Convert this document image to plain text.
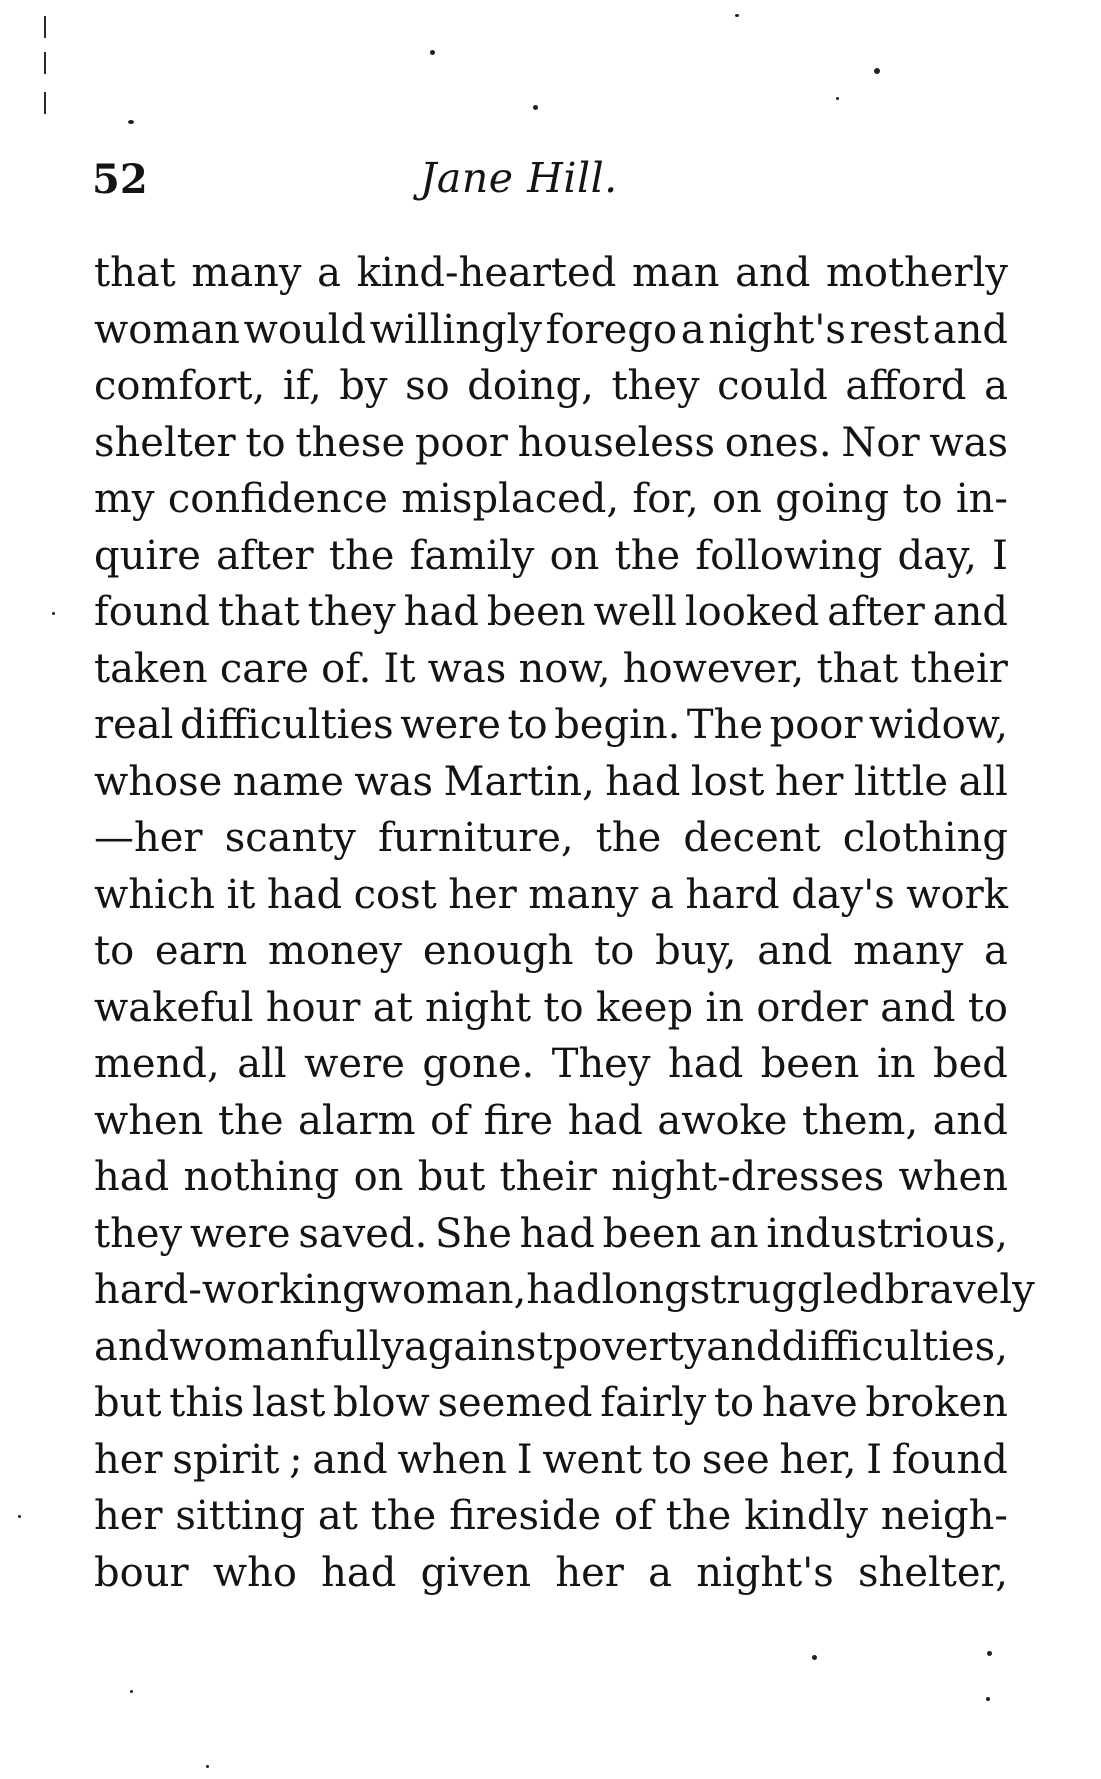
52	Jane Hill.
that many a kind-hearted man and motherly
woman would willingly forego a night's rest and
comfort, if, by so doing, they could afford a
shelter to these poor houseless ones. Nor was
my confidence misplaced, for, on going to in-
quire after the family on the following day, I
found that they had been well looked after and
taken care of. It was now, however, that their
real difficulties were to begin. The poor widow,
whose name was Martin, had lost her little all
—her scanty furniture, the decent clothing
which it had cost her many a hard day's work
to earn money enough to buy, and many a
wakeful hour at night to keep in order and to
mend, all were gone. They had been in bed
when the alarm of fire had awoke them, and
had nothing on but their night-dresses when
they were saved. She had been an industrious,
hard-working woman, had long struggled bravely
and womanfully against poverty and difficulties,
but this last blow seemed fairly to have broken
her spirit ; and when I went to see her, I found
her sitting at the fireside of the kindly neigh-
bour who had given her a night's shelter,
